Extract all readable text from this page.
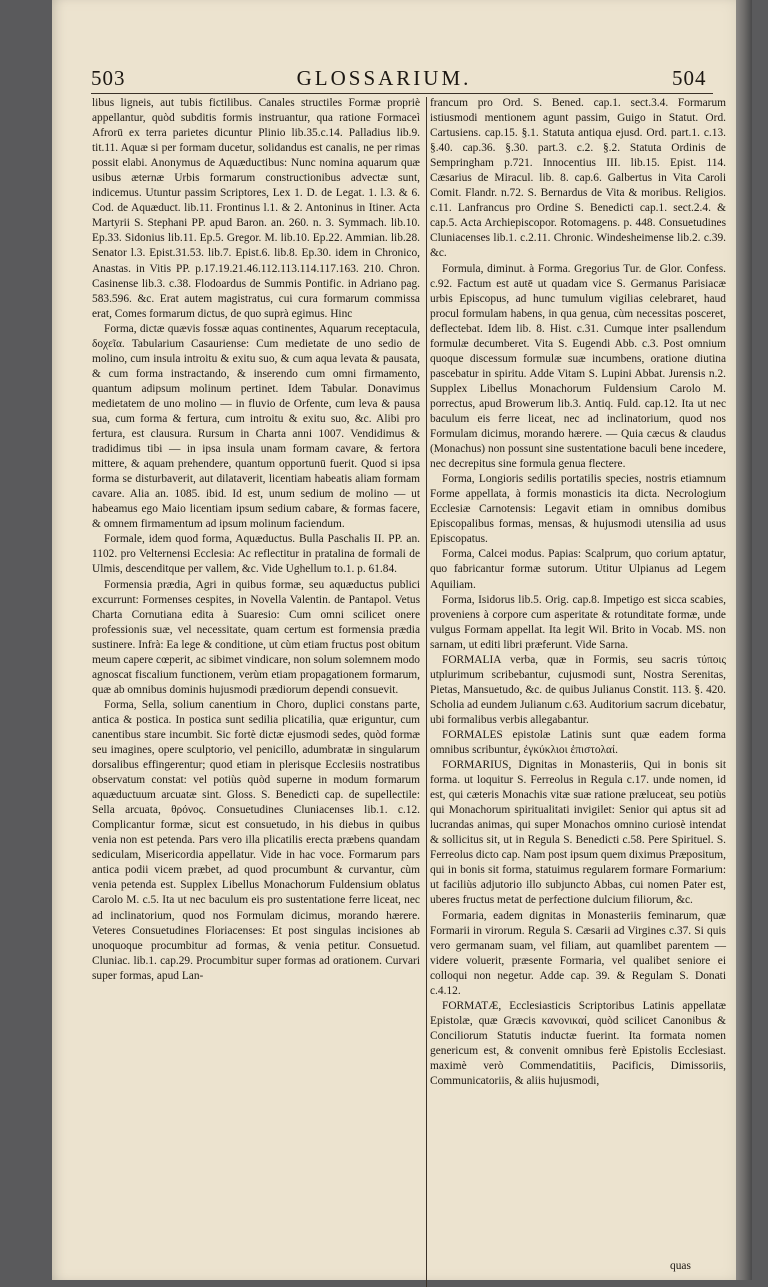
503	GLOSSARIUM.	504

libus ligneis, aut tubis fictilibus. Canales structiles Formæ propriè appellantur, quòd subditis formis instruantur, qua ratione Formaceì Afrorū ex terra parietes dicuntur Plinio lib.35.c.14. Palladius lib.9. tit.11. Aquæ si per formam ducetur, solidandus est canalis, ne per rimas possit elabi. Anonymus de Aquæductibus: Nunc nomina aquarum quæ usibus æternæ Urbis formarum constructionibus advectæ sunt, indicemus. Utuntur passim Scriptores, Lex 1. D. de Legat. 1. l.3. & 6. Cod. de Aquæduct. lib.11. Frontinus l.1. & 2. Antoninus in Itiner. Acta Martyrii S. Stephani PP. apud Baron. an. 260. n. 3. Symmach. lib.10. Ep.33. Sidonius lib.11. Ep.5. Gregor. M. lib.10. Ep.22. Ammian. lib.28. Senator l.3. Epist.31.53. lib.7. Epist.6. lib.8. Ep.30. idem in Chronico, Anastas. in Vitis PP. p.17.19.21.46.112.113.114.117.163. 210. Chron. Casinense lib.3. c.38. Flodoardus de Summis Pontific. in Adriano pag. 583.596. &c. Erat autem magistratus, cui cura formarum commissa erat, Comes formarum dictus, de quo suprà egimus. Hinc

Forma, dictæ quævis fossæ aquas continentes, Aquarum receptacula, δοχεῖα. Tabularium Casauriense: Cum medietate de uno sedio de molino, cum insula introitu & exitu suo, & cum aqua levata & pausata, & cum forma instractando, & inserendo cum omni firmamento, quantum adipsum molinum pertinet. Idem Tabular. Donavimus medietatem de uno molino — in fluvio de Orfente, cum leva & pausa sua, cum forma & fertura, cum introitu & exitu suo, &c. Alibi pro fertura, est clausura. Rursum in Charta anni 1007. Vendidimus & tradidimus tibi — in ipsa insula unam formam cavare, & fertora mittere, & aquam prehendere, quantum opportunū fuerit. Quod si ipsa forma se disturbaverit, aut dilataverit, licentiam habeatis aliam formam cavare. Alia an. 1085. ibid. Id est, unum sedium de molino — ut habeamus ego Maio licentiam ipsum sedium cabare, & formas facere, & omnem firmamentum ad ipsum molinum faciendum.

Formale, idem quod forma, Aquæductus. Bulla Paschalis II. PP. an. 1102. pro Velternensi Ecclesia: Ac reflectitur in pratalina de formali de Ulmis, descenditque per vallem, &c. Vide Ughellum to.1. p. 61.84.

Formensia prædia, Agri in quibus formæ, seu aquæductus publici excurrunt: Formenses cespites, in Novella Valentin. de Pantapol. Vetus Charta Cornutiana edita à Suaresio: Cum omni scilicet onere professionis suæ, vel necessitate, quam certum est formensia prædia sustinere. Infrà: Ea lege & conditione, ut cùm etiam fructus post obitum meum capere cœperit, ac sibimet vindicare, non solum solemnem modo agnoscat fiscalium functionem, verùm etiam propagationem formarum, quæ ab omnibus dominis hujusmodi prædiorum dependi consuevit.

Forma, Sella, solium canentium in Choro, duplici constans parte, antica & postica. In postica sunt sedilia plicatilia, quæ eriguntur, cum canentibus stare incumbit. Sic fortè dictæ ejusmodi sedes, quòd formæ seu imagines, opere sculptorio, vel penicillo, adumbratæ in singularum dorsalibus effingerentur; quod etiam in plerisque Ecclesiis nostratibus observatum constat: vel potiùs quòd superne in modum formarum aquæductuum arcuatæ sint. Gloss. S. Benedicti cap. de supellectile: Sella arcuata, θρόνος. Consuetudines Cluniacenses lib.1. c.12. Complicantur formæ, sicut est consuetudo, in his diebus in quibus venia non est petenda. Pars vero illa plicatilis erecta præbens quandam sediculam, Misericordia appellatur. Vide in hac voce. Formarum pars antica podii vicem præbet, ad quod procumbunt & curvantur, cùm venia petenda est. Supplex Libellus Monachorum Fuldensium oblatus Carolo M. c.5. Ita ut nec baculum eis pro sustentatione ferre liceat, nec ad inclinatorium, quod nos Formulam dicimus, morando hærere. Veteres Consuetudines Floriacenses: Et post singulas incisiones ab unoquoque procumbitur ad formas, & venia petitur. Consuetud. Cluniac. lib.1. cap.29. Procumbitur super formas ad orationem. Curvari super formas, apud Lan-

francum pro Ord. S. Bened. cap.1. sect.3.4. Formarum istiusmodi mentionem agunt passim, Guigo in Statut. Ord. Cartusiens. cap.15. §.1. Statuta antiqua ejusd. Ord. part.1. c.13. §.40. cap.36. §.30. part.3. c.2. §.2. Statuta Ordinis de Sempringham p.721. Innocentius III. lib.15. Epist. 114. Cæsarius de Miracul. lib. 8. cap.6. Galbertus in Vita Caroli Comit. Flandr. n.72. S. Bernardus de Vita & moribus. Religios. c.11. Lanfrancus pro Ordine S. Benedicti cap.1. sect.2.4. & cap.5. Acta Archiepiscopor. Rotomagens. p. 448. Consuetudines Cluniacenses lib.1. c.2.11. Chronic. Windesheimense lib.2. c.39. &c.

Formula, diminut. à Forma. Gregorius Tur. de Glor. Confess. c.92. Factum est autē ut quadam vice S. Germanus Parisiacæ urbis Episcopus, ad hunc tumulum vigilias celebraret, haud procul formulam habens, in qua genua, cùm necessitas posceret, deflectebat. Idem lib. 8. Hist. c.31. Cumque inter psallendum formulæ decumberet. Vita S. Eugendi Abb. c.3. Post omnium quoque discessum formulæ suæ incumbens, oratione diutina pascebatur in spiritu. Adde Vitam S. Lupini Abbat. Jurensis n.2. Supplex Libellus Monachorum Fuldensium Carolo M. porrectus, apud Browerum lib.3. Antiq. Fuld. cap.12. Ita ut nec baculum eis ferre liceat, nec ad inclinatorium, quod nos Formulam dicimus, morando hærere. — Quia cæcus & claudus (Monachus) non possunt sine sustentatione baculi bene incedere, nec decrepitus sine formula genua flectere.

Forma, Longioris sedilis portatilis species, nostris etiamnum Forme appellata, à formis monasticis ita dicta. Necrologium Ecclesiæ Carnotensis: Legavit etiam in omnibus domibus Episcopalibus formas, mensas, & hujusmodi utensilia ad usus Episcopatus.

Forma, Calcei modus. Papias: Scalprum, quo corium aptatur, quo fabricantur formæ sutorum. Utitur Ulpianus ad Legem Aquiliam.

Forma, Isidorus lib.5. Orig. cap.8. Impetigo est sicca scabies, proveniens à corpore cum asperitate & rotunditate formæ, unde vulgus Formam appellat. Ita legit Wil. Brito in Vocab. MS. non sarnam, ut editi libri præferunt. Vide Sarna.

FORMALIA verba, quæ in Formis, seu sacris τύποις utplurimum scribebantur, cujusmodi sunt, Nostra Serenitas, Pietas, Mansuetudo, &c. de quibus Julianus Constit. 113. §. 420. Scholia ad eundem Julianum c.63. Auditorium sacrum dicebatur, ubi formalibus verbis allegabantur.

FORMALES epistolæ Latinis sunt quæ eadem forma omnibus scribuntur, ἐγκύκλιοι ἐπιστολαί.

FORMARIUS, Dignitas in Monasteriis, Qui in bonis sit forma. ut loquitur S. Ferreolus in Regula c.17. unde nomen, id est, qui cæteris Monachis vitæ suæ ratione præluceat, seu potiùs qui Monachorum spiritualitati invigilet: Senior qui aptus sit ad lucrandas animas, qui super Monachos omnino curiosè intendat & sollicitus sit, ut in Regula S. Benedicti c.58. Pere Spirituel. S. Ferreolus dicto cap. Nam post ipsum quem diximus Præpositum, qui in bonis sit forma, statuimus regularem formare Formarium: ut faciliùs adjutorio illo subjuncto Abbas, cui nomen Pater est, uberes fructus metat de perfectione dulcium filiorum, &c.

Formaria, eadem dignitas in Monasteriis feminarum, quæ Formarii in virorum. Regula S. Cæsarii ad Virgines c.37. Si quis vero germanam suam, vel filiam, aut quamlibet parentem — videre voluerit, præsente Formaria, vel qualibet seniore ei colloqui non negetur. Adde cap. 39. & Regulam S. Donati c.4.12.

FORMATÆ, Ecclesiasticis Scriptoribus Latinis appellatæ Epistolæ, quæ Græcis κανονικαί, quòd scilicet Canonibus & Conciliorum Statutis inductæ fuerint. Ita formata nomen genericum est, & convenit omnibus ferè Epistolis Ecclesiast. maximè verò Commendatitiis, Pacificis, Dimissoriis, Communicatoriis, & aliis hujusmodi,

quas
